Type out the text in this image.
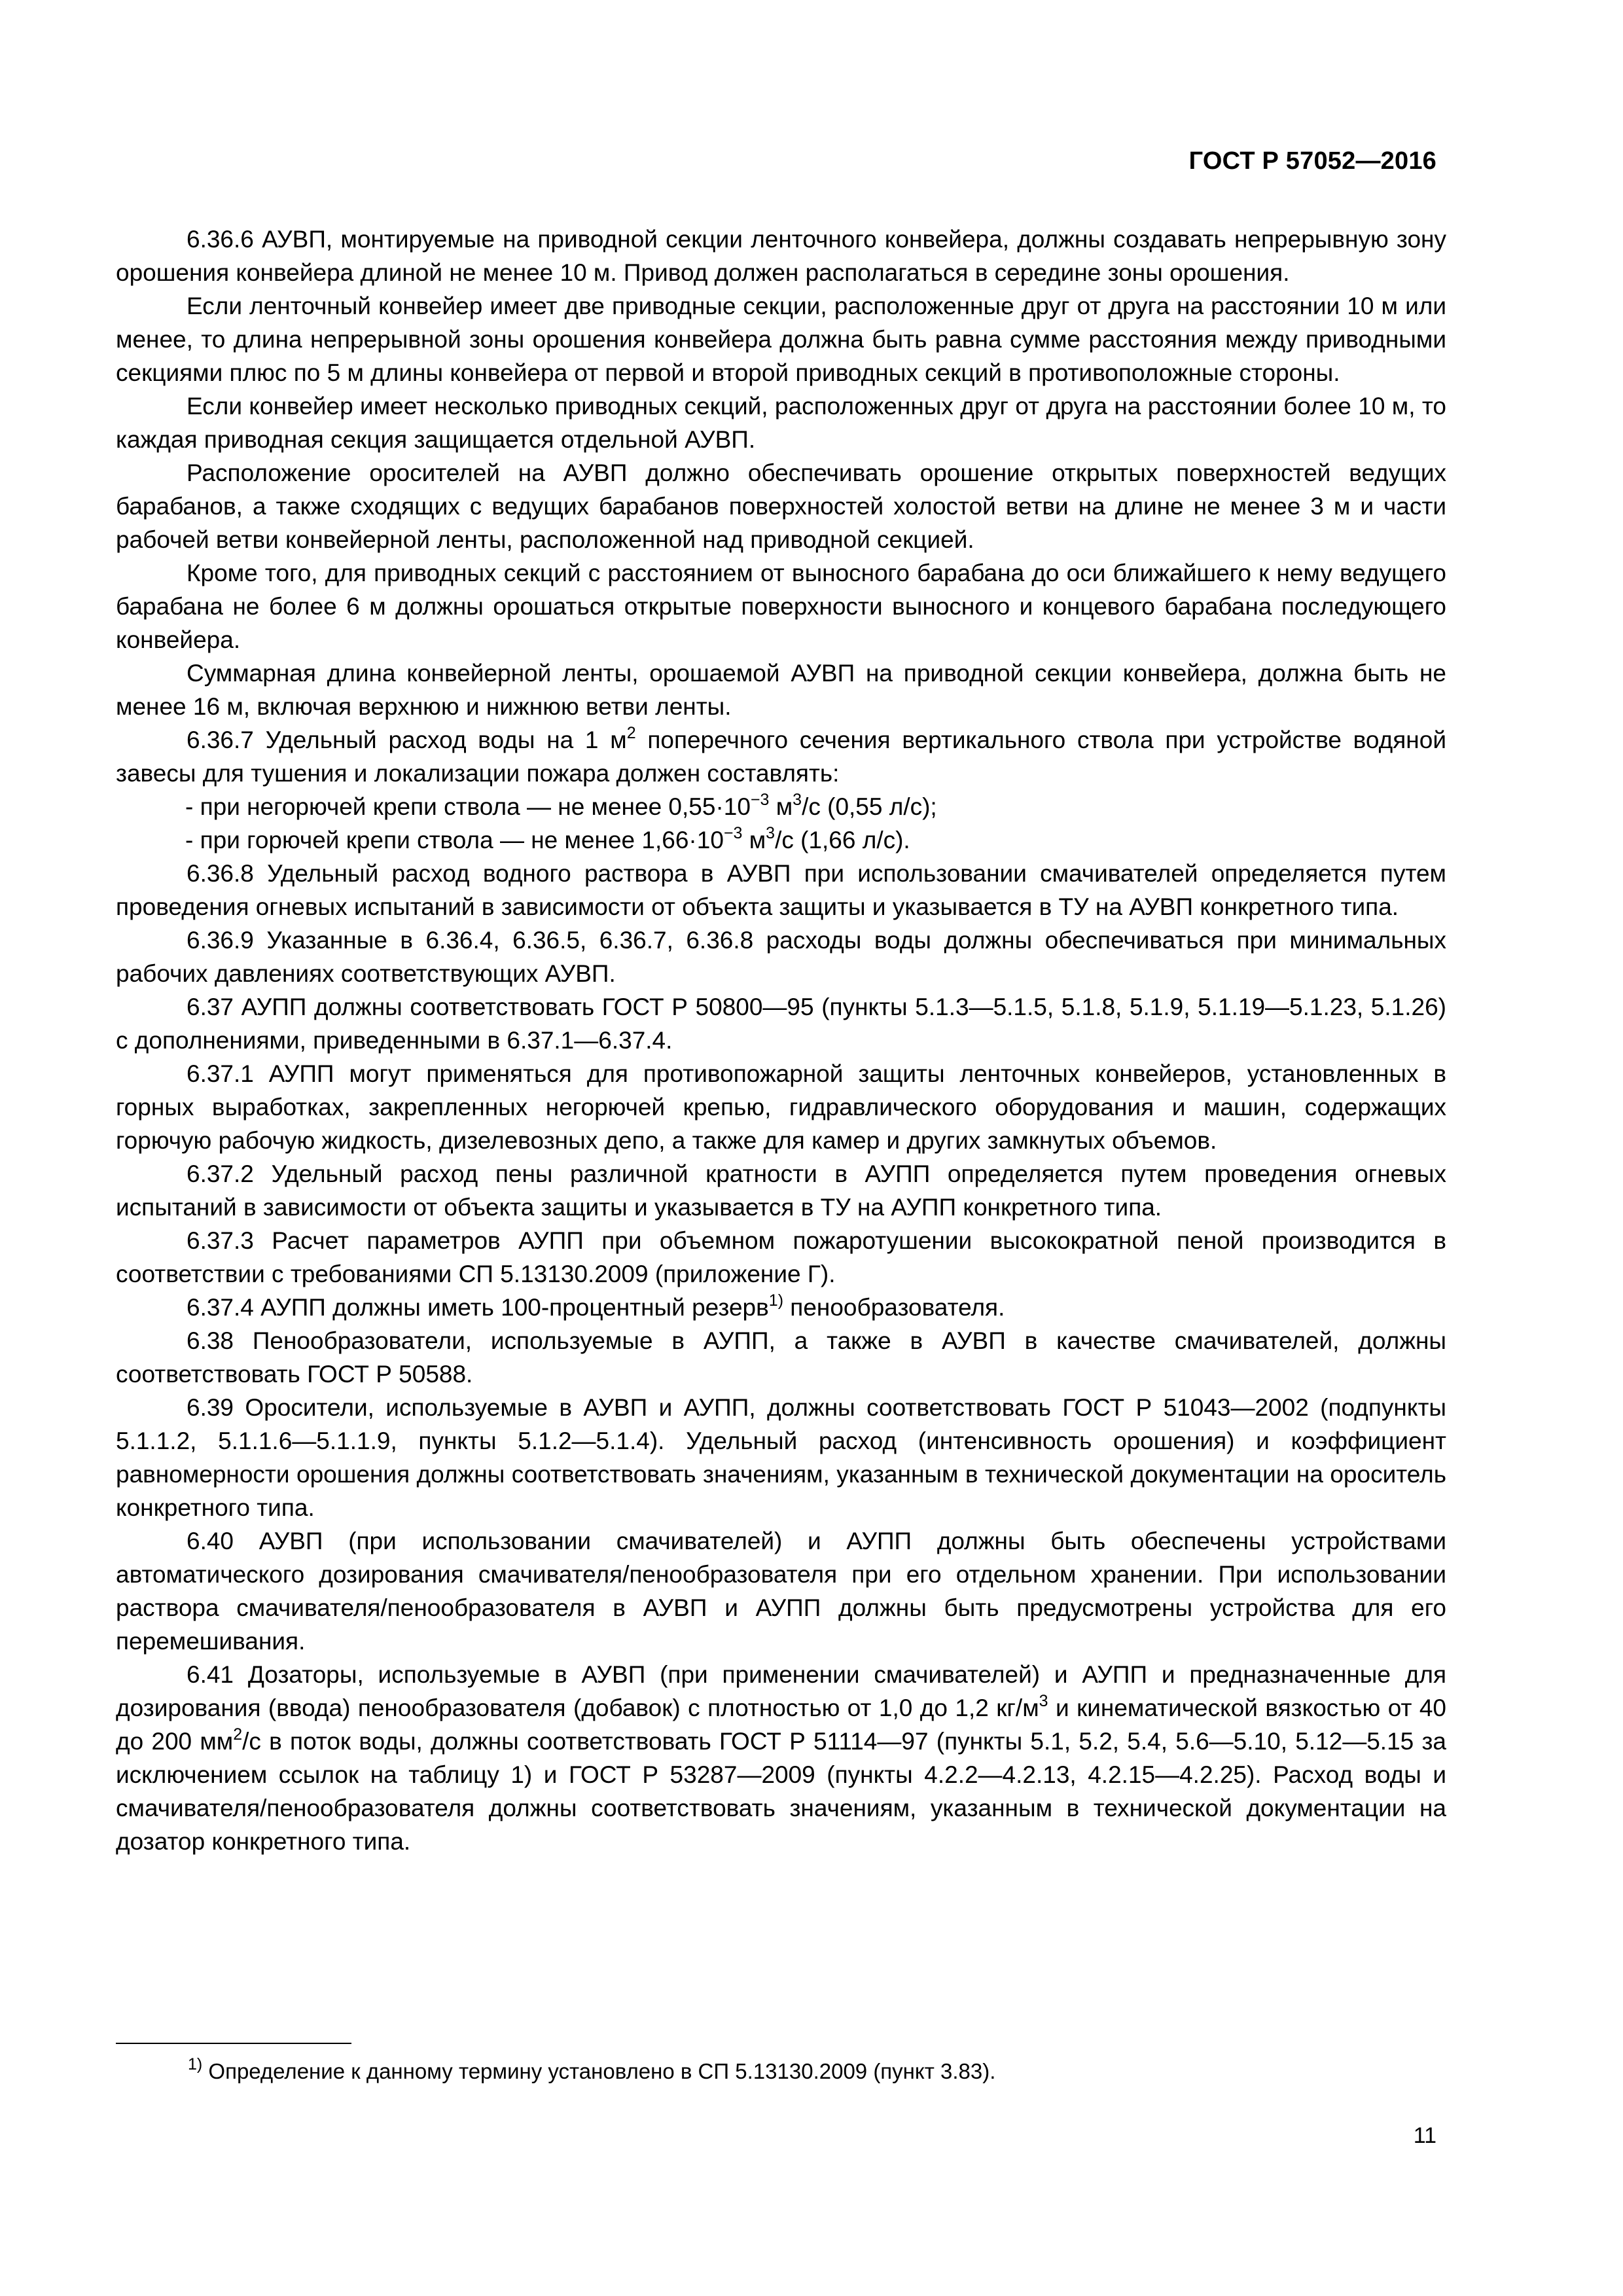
ГОСТ Р 57052—2016

6.36.6 АУВП, монтируемые на приводной секции ленточного конвейера, должны создавать непрерывную зону орошения конвейера длиной не менее 10 м. Привод должен располагаться в середине зоны орошения.

Если ленточный конвейер имеет две приводные секции, расположенные друг от друга на расстоянии 10 м или менее, то длина непрерывной зоны орошения конвейера должна быть равна сумме расстояния между приводными секциями плюс по 5 м длины конвейера от первой и второй приводных секций в противоположные стороны.

Если конвейер имеет несколько приводных секций, расположенных друг от друга на расстоянии более 10 м, то каждая приводная секция защищается отдельной АУВП.

Расположение оросителей на АУВП должно обеспечивать орошение открытых поверхностей ведущих барабанов, а также сходящих с ведущих барабанов поверхностей холостой ветви на длине не менее 3 м и части рабочей ветви конвейерной ленты, расположенной над приводной секцией.

Кроме того, для приводных секций с расстоянием от выносного барабана до оси ближайшего к нему ведущего барабана не более 6 м должны орошаться открытые поверхности выносного и концевого барабана последующего конвейера.

Суммарная длина конвейерной ленты, орошаемой АУВП на приводной секции конвейера, должна быть не менее 16 м, включая верхнюю и нижнюю ветви ленты.

6.36.7 Удельный расход воды на 1 $м^2$ поперечного сечения вертикального ствола при устройстве водяной завесы для тушения и локализации пожара должен составлять:

- при негорючей крепи ствола — не менее $0,55\cdot 10^{-3}$ $м^3/с$ (0,55 л/с);

- при горючей крепи ствола — не менее $1,66\cdot 10^{-3}$ $м^3/с$ (1,66 л/с).

6.36.8 Удельный расход водного раствора в АУВП при использовании смачивателей определяется путем проведения огневых испытаний в зависимости от объекта защиты и указывается в ТУ на АУВП конкретного типа.

6.36.9 Указанные в 6.36.4, 6.36.5, 6.36.7, 6.36.8 расходы воды должны обеспечиваться при минимальных рабочих давлениях соответствующих АУВП.

6.37 АУПП должны соответствовать ГОСТ Р 50800—95 (пункты 5.1.3—5.1.5, 5.1.8, 5.1.9, 5.1.19—5.1.23, 5.1.26) с дополнениями, приведенными в 6.37.1—6.37.4.

6.37.1 АУПП могут применяться для противопожарной защиты ленточных конвейеров, установленных в горных выработках, закрепленных негорючей крепью, гидравлического оборудования и машин, содержащих горючую рабочую жидкость, дизелевозных депо, а также для камер и других замкнутых объемов.

6.37.2 Удельный расход пены различной кратности в АУПП определяется путем проведения огневых испытаний в зависимости от объекта защиты и указывается в ТУ на АУПП конкретного типа.

6.37.3 Расчет параметров АУПП при объемном пожаротушении высокократной пеной производится в соответствии с требованиями СП 5.13130.2009 (приложение Г).

6.37.4 АУПП должны иметь 100-процентный резерв$^{1)}$ пенообразователя.

6.38 Пенообразователи, используемые в АУПП, а также в АУВП в качестве смачивателей, должны соответствовать ГОСТ Р 50588.

6.39 Оросители, используемые в АУВП и АУПП, должны соответствовать ГОСТ Р 51043—2002 (подпункты 5.1.1.2, 5.1.1.6—5.1.1.9, пункты 5.1.2—5.1.4). Удельный расход (интенсивность орошения) и коэффициент равномерности орошения должны соответствовать значениям, указанным в технической документации на ороситель конкретного типа.

6.40 АУВП (при использовании смачивателей) и АУПП должны быть обеспечены устройствами автоматического дозирования смачивателя/пенообразователя при его отдельном хранении. При использовании раствора смачивателя/пенообразователя в АУВП и АУПП должны быть предусмотрены устройства для его перемешивания.

6.41 Дозаторы, используемые в АУВП (при применении смачивателей) и АУПП и предназначенные для дозирования (ввода) пенообразователя (добавок) с плотностью от 1,0 до 1,2 $кг/м^3$ и кинематической вязкостью от 40 до 200 $мм^2/с$ в поток воды, должны соответствовать ГОСТ Р 51114—97 (пункты 5.1, 5.2, 5.4, 5.6—5.10, 5.12—5.15 за исключением ссылок на таблицу 1) и ГОСТ Р 53287—2009 (пункты 4.2.2—4.2.13, 4.2.15—4.2.25). Расход воды и смачивателя/пенообразователя должны соответствовать значениям, указанным в технической документации на дозатор конкретного типа.

$^{1)}$ Определение к данному термину установлено в СП 5.13130.2009 (пункт 3.83).
11
